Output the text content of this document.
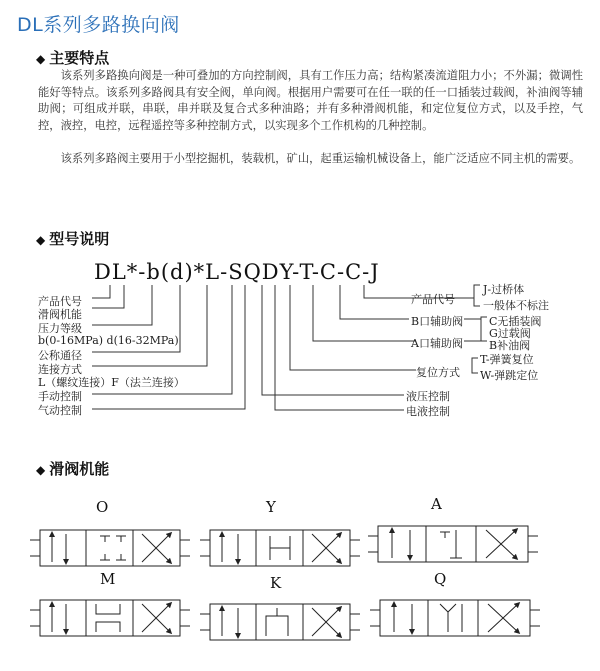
DL系列多路换向阀
◆ 主要特点
该系列多路换向阀是一种可叠加的方向控制阀，具有工作压力高；结构紧凑流道阻力小；不外漏；微调性能好等特点。该系列多路阀具有安全阀，单向阀。根据用户需要可在任一联的任一口插装过载阀，补油阀等辅助阀；可组成并联，串联，串并联及复合式多种油路；并有多种滑阀机能，和定位复位方式，以及手控，气控，液控，电控，远程遥控等多种控制方式，以实现多个工作机构的几种控制。
该系列多路阀主要用于小型挖掘机，装载机，矿山，起重运输机械设备上，能广泛适应不同主机的需要。
◆ 型号说明
DL*-b(d)*L-SQDY-T-C-C-J
产品代号
滑阀机能
压力等级
b(0-16MPa) d(16-32MPa)
公称通径
连接方式
L（螺纹连接）F（法兰连接）
手动控制
气动控制
液压控制
电液控制
产品代号
J-过桥体
一般体不标注
B口辅助阀
A口辅助阀
C无插装阀
G过载阀
B补油阀
复位方式
T-弹簧复位
W-弹跳定位
◆ 滑阀机能
O	Y	A
M	K	Q
